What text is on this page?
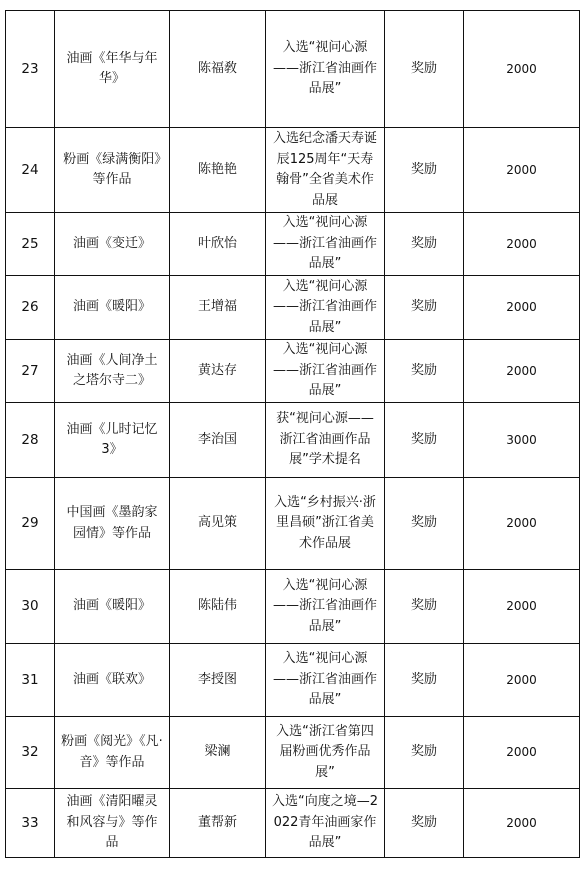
23	油画《年华与年华》	陈福敎	入选“视问心源——浙江省油画作品展”	奖励	2000
24	粉画《绿满衡阳》等作品	陈艳艳	入选纪念潘天寿诞辰125周年“天寿翰骨”全省美术作品展	奖励	2000
25	油画《变迁》	叶欣怡	入选“视问心源——浙江省油画作品展”	奖励	2000
26	油画《暖阳》	王增福	入选“视问心源——浙江省油画作品展”	奖励	2000
27	油画《人间净土之塔尔寺二》	黄达存	入选“视问心源——浙江省油画作品展”	奖励	2000
28	油画《儿时记忆3》	李治国	获“视问心源——浙江省油画作品展”学术提名	奖励	3000
29	中国画《墨韵家园情》等作品	高见策	入选“乡村振兴·浙里昌硕”浙江省美术作品展	奖励	2000
30	油画《暖阳》	陈陆伟	入选“视问心源——浙江省油画作品展”	奖励	2000
31	油画《联欢》	李授图	入选“视问心源——浙江省油画作品展”	奖励	2000
32	粉画《阅光》《凡·音》等作品	梁澜	入选“浙江省第四届粉画优秀作品展”	奖励	2000
33	油画《清阳曜灵和风容与》等作品	董帮新	入选“向度之境—2022青年油画家作品展”	奖励	2000
